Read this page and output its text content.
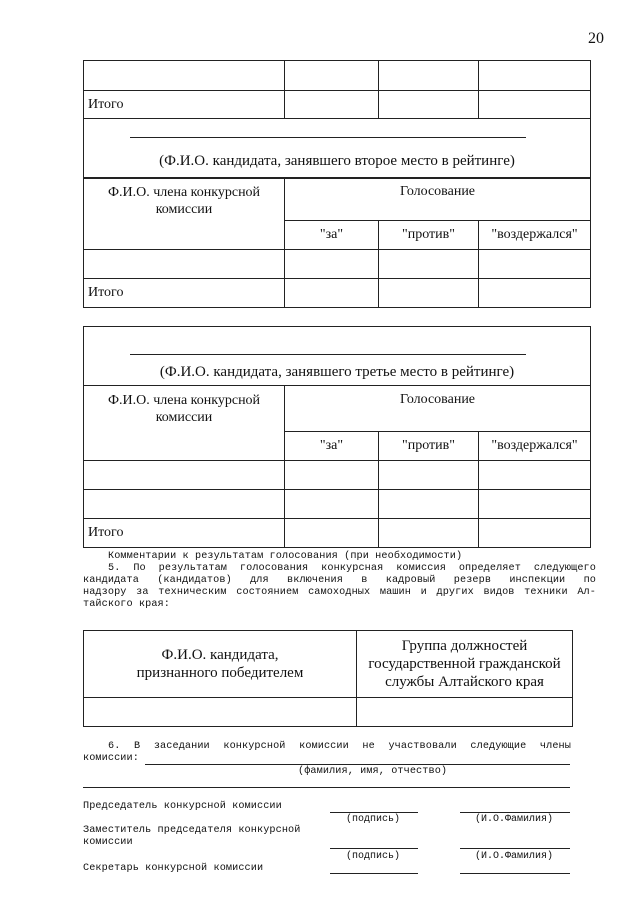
20

Итого			

(Ф.И.О. кандидата, занявшего второе место в рейтинге)			

Ф.И.О. члена конкурсной комиссии	Голосование		
	"за"	"против"	"воздержался"

Итого			
(Ф.И.О. кандидата, занявшего третье место в рейтинге)			

Ф.И.О. члена конкурсной комиссии	Голосование		
	"за"	"против"	"воздержался"

Итого			
Комментарии к результатам голосования (при необходимости)
5. По результатам голосования конкурсная комиссия определяет следующего
кандидата (кандидатов) для включения в кадровый резерв инспекции по
надзору за техническим состоянием самоходных машин и других видов техники Ал-
тайского края:
Ф.И.О. кандидата, признанного победителем	Группа должностей государственной гражданской службы Алтайского края

6. В заседании конкурсной комиссии не участвовали следующие члены
комиссии:
(фамилия, имя, отчество)
Председатель конкурсной комиссии
(подпись)	(И.О.Фамилия)
Заместитель председателя конкурсной
комиссии
(подпись)	(И.О.Фамилия)
Секретарь конкурсной комиссии
